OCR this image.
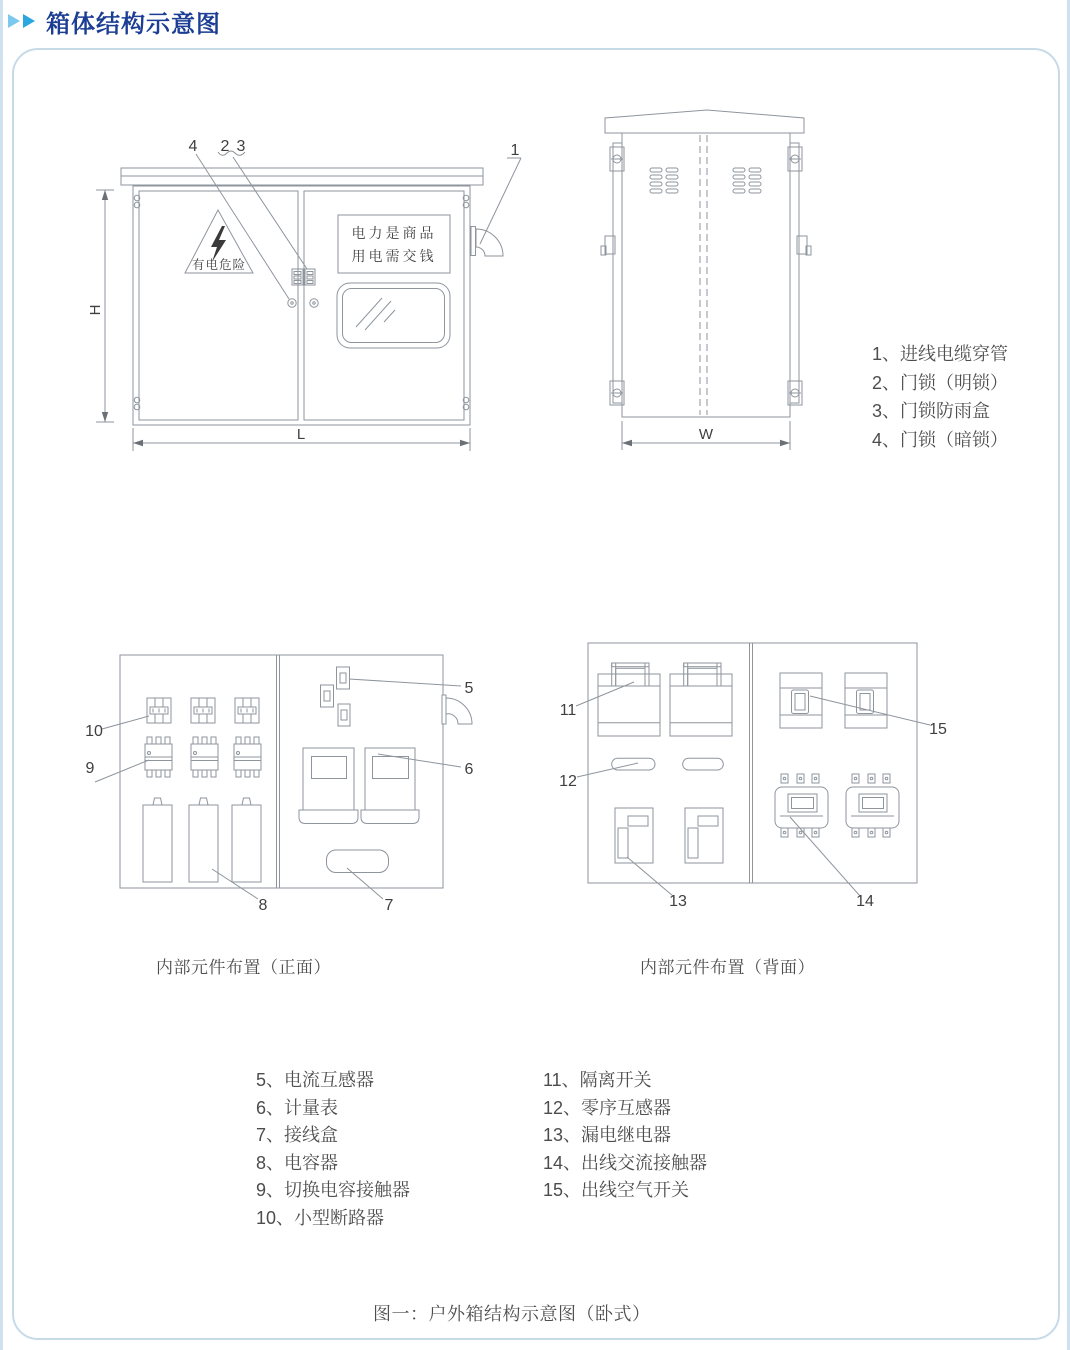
箱体结构示意图
有电危险
电力是商品
用电需交钱
4 2 3	1
H
L	W
1、进线电缆穿管
2、门锁（明锁）
3、门锁防雨盒
4、门锁（暗锁）
10
9
8	7
5
6
11
12
13	14
15
内部元件布置（正面）	内部元件布置（背面）
5、电流互感器
6、计量表
7、接线盒
8、电容器
9、切换电容接触器
10、小型断路器
11、隔离开关
12、零序互感器
13、漏电继电器
14、出线交流接触器
15、出线空气开关
图一：户外箱结构示意图（卧式）
